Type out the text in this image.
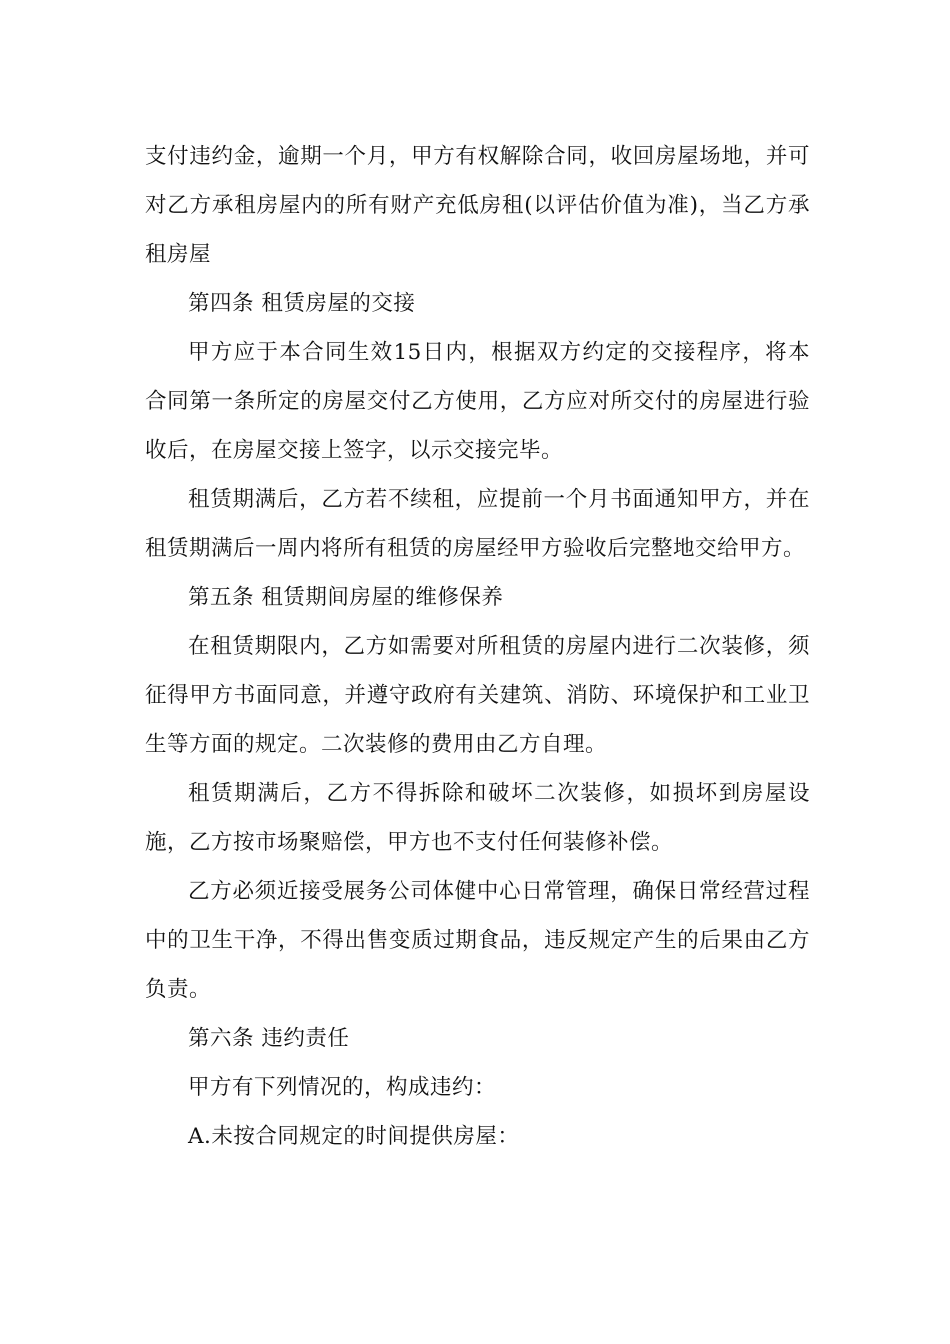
支付违约金，逾期一个月，甲方有权解除合同，收回房屋场地，并可对乙方承租房屋内的所有财产充低房租(以评估价值为准)，当乙方承租房屋

第四条 租赁房屋的交接

甲方应于本合同生效15日内，根据双方约定的交接程序，将本合同第一条所定的房屋交付乙方使用，乙方应对所交付的房屋进行验收后，在房屋交接上签字，以示交接完毕。

租赁期满后，乙方若不续租，应提前一个月书面通知甲方，并在租赁期满后一周内将所有租赁的房屋经甲方验收后完整地交给甲方。

第五条 租赁期间房屋的维修保养

在租赁期限内，乙方如需要对所租赁的房屋内进行二次装修，须征得甲方书面同意，并遵守政府有关建筑、消防、环境保护和工业卫生等方面的规定。二次装修的费用由乙方自理。

租赁期满后，乙方不得拆除和破坏二次装修，如损坏到房屋设施，乙方按市场聚赔偿，甲方也不支付任何装修补偿。

乙方必须近接受展务公司体健中心日常管理，确保日常经营过程中的卫生干净，不得出售变质过期食品，违反规定产生的后果由乙方负责。

第六条 违约责任

甲方有下列情况的，构成违约：

A.未按合同规定的时间提供房屋：
